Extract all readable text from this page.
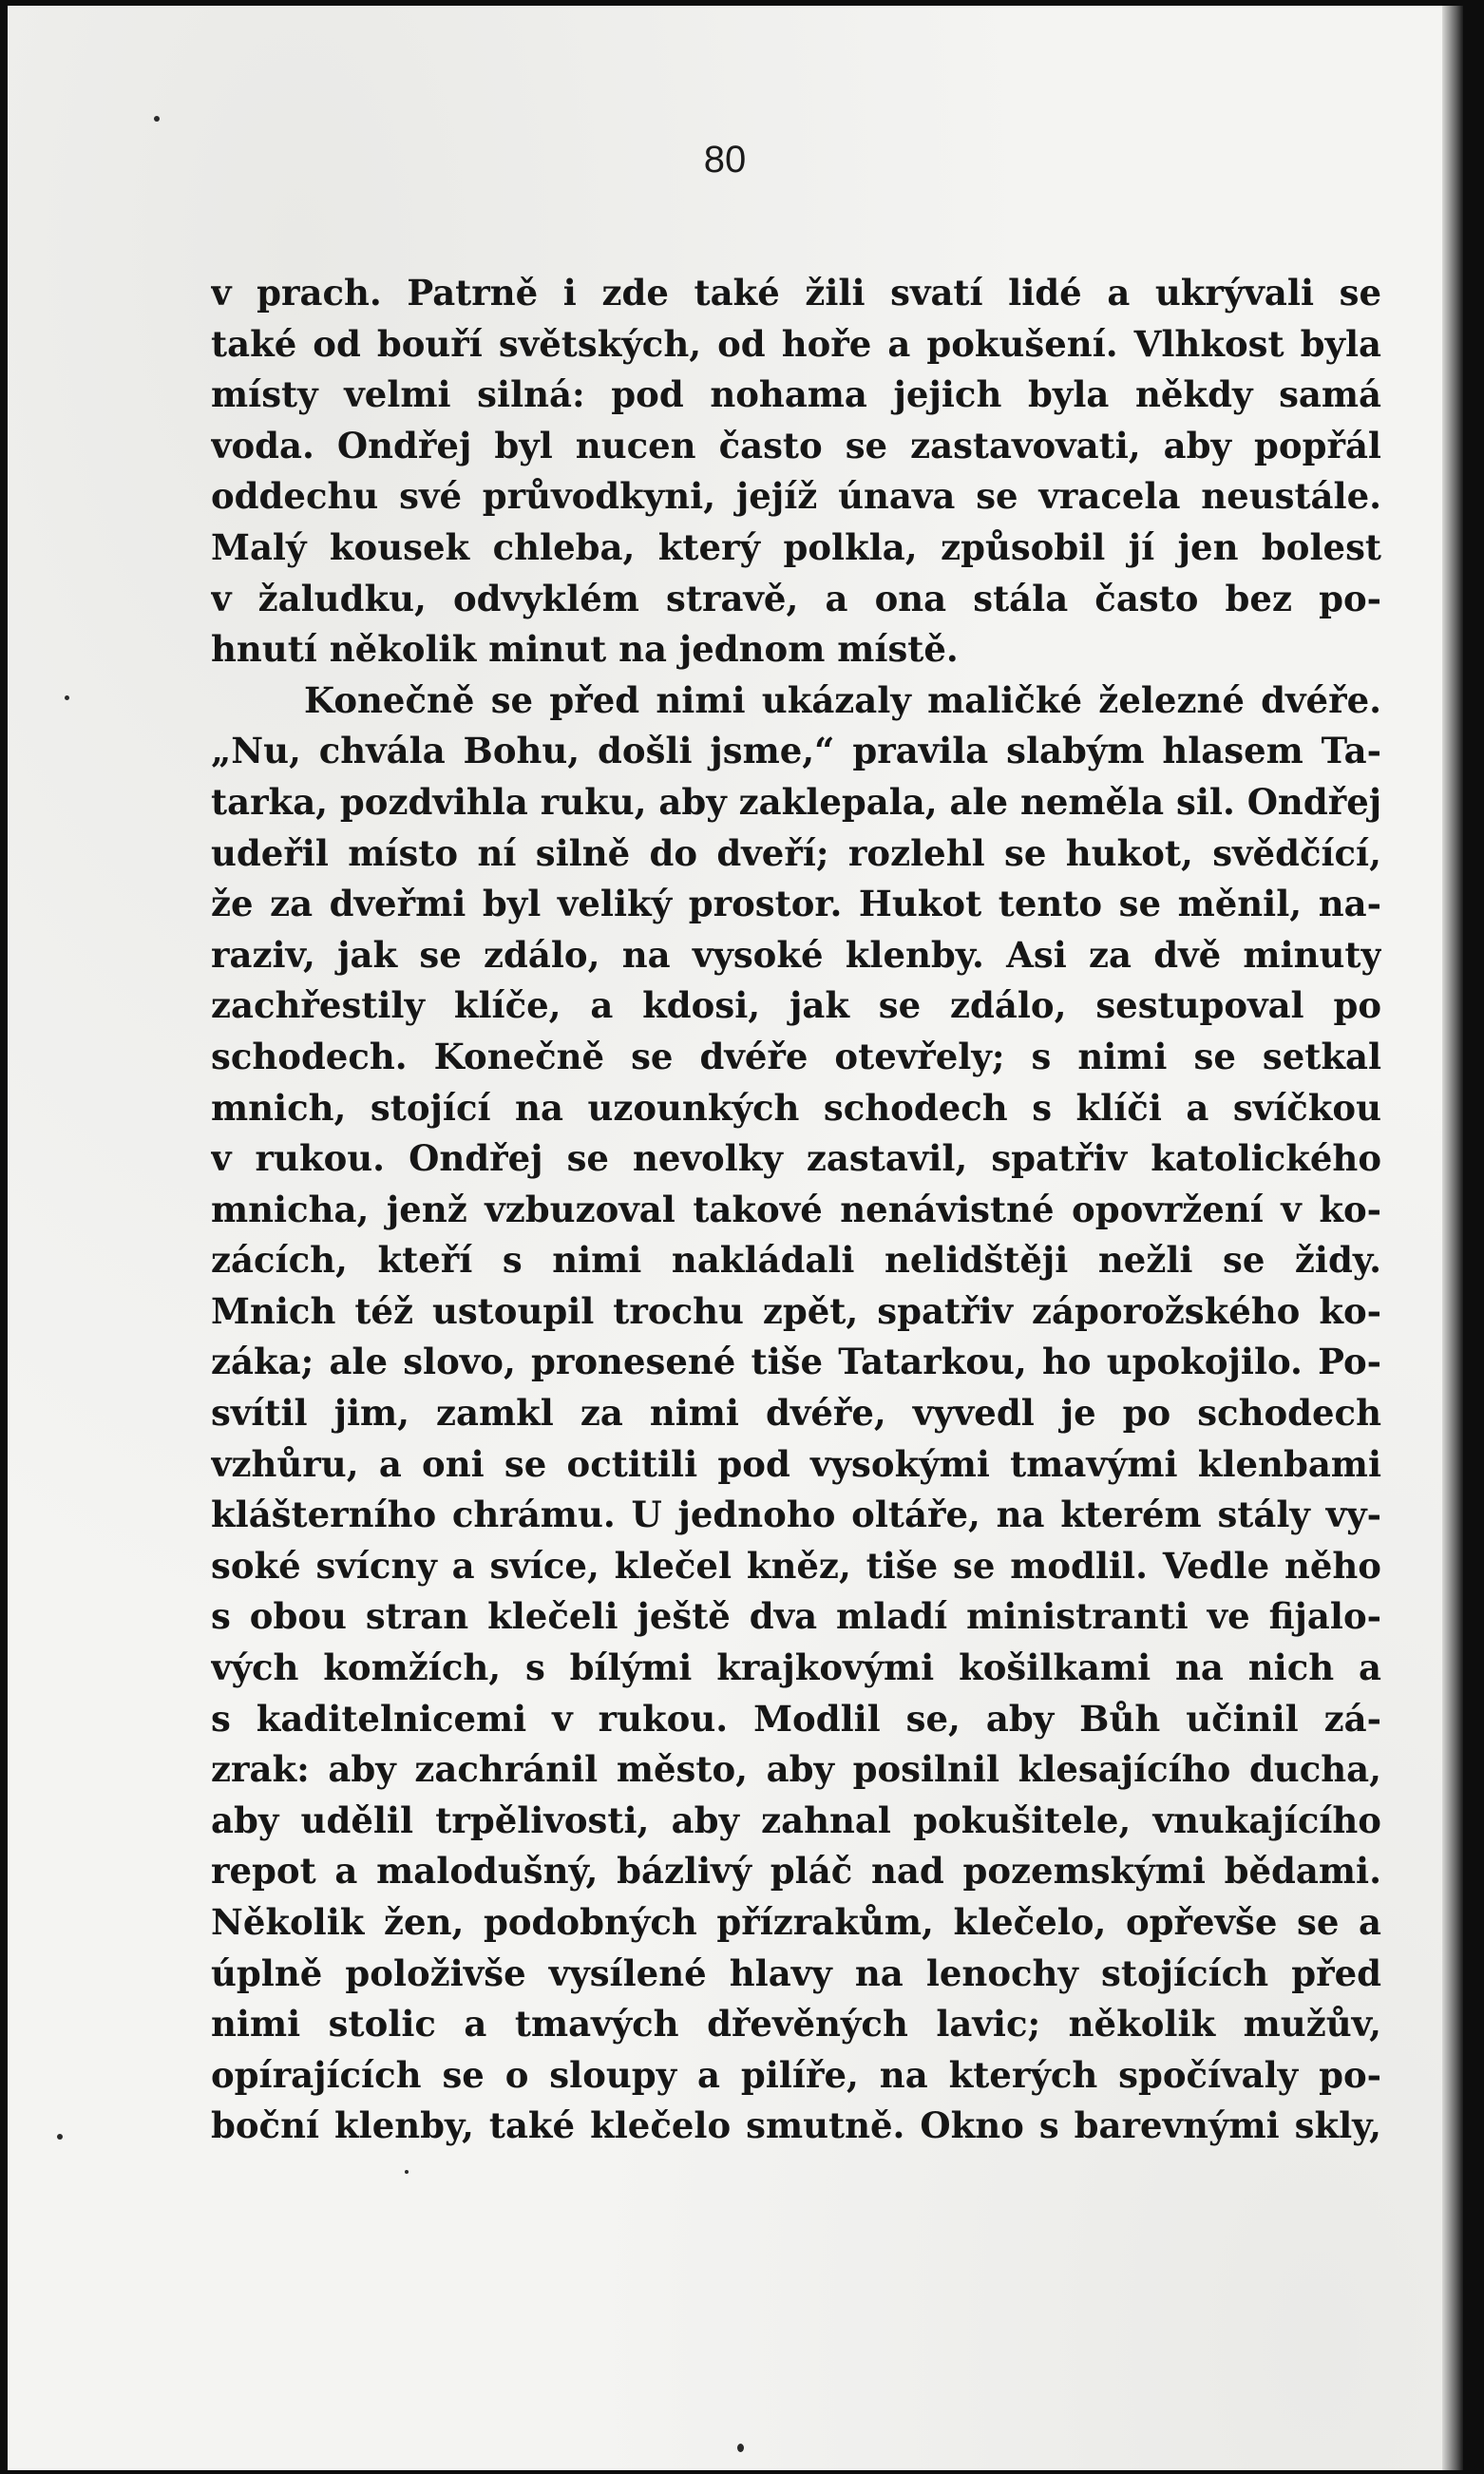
80

v prach. Patrně i zde také žili svatí lidé a ukrývali se
také od bouří světských, od hoře a pokušení. Vlhkost byla
místy velmi silná: pod nohama jejich byla někdy samá
voda. Ondřej byl nucen často se zastavovati, aby popřál
oddechu své průvodkyni, jejíž únava se vracela neustále.
Malý kousek chleba, který polkla, způsobil jí jen bolest
v žaludku, odvyklém stravě, a ona stála často bez po-
hnutí několik minut na jednom místě.
Konečně se před nimi ukázaly maličké železné dvéře.
„Nu, chvála Bohu, došli jsme,“ pravila slabým hlasem Ta-
tarka, pozdvihla ruku, aby zaklepala, ale neměla sil. Ondřej
udeřil místo ní silně do dveří; rozlehl se hukot, svědčící,
že za dveřmi byl veliký prostor. Hukot tento se měnil, na-
raziv, jak se zdálo, na vysoké klenby. Asi za dvě minuty
zachřestily klíče, a kdosi, jak se zdálo, sestupoval po
schodech. Konečně se dvéře otevřely; s nimi se setkal
mnich, stojící na uzounkých schodech s klíči a svíčkou
v rukou. Ondřej se nevolky zastavil, spatřiv katolického
mnicha, jenž vzbuzoval takové nenávistné opovržení v ko-
zácích, kteří s nimi nakládali nelidštěji nežli se židy.
Mnich též ustoupil trochu zpět, spatřiv záporožského ko-
záka; ale slovo, pronesené tiše Tatarkou, ho upokojilo. Po-
svítil jim, zamkl za nimi dvéře, vyvedl je po schodech
vzhůru, a oni se octitili pod vysokými tmavými klenbami
klášterního chrámu. U jednoho oltáře, na kterém stály vy-
soké svícny a svíce, klečel kněz, tiše se modlil. Vedle něho
s obou stran klečeli ještě dva mladí ministranti ve fijalo-
vých komžích, s bílými krajkovými košilkami na nich a
s kaditelnicemi v rukou. Modlil se, aby Bůh učinil zá-
zrak: aby zachránil město, aby posilnil klesajícího ducha,
aby udělil trpělivosti, aby zahnal pokušitele, vnukajícího
repot a malodušný, bázlivý pláč nad pozemskými bědami.
Několik žen, podobných přízrakům, klečelo, opřevše se a
úplně položivše vysílené hlavy na lenochy stojících před
nimi stolic a tmavých dřevěných lavic; několik mužův,
opírajících se o sloupy a pilíře, na kterých spočívaly po-
boční klenby, také klečelo smutně. Okno s barevnými skly,
